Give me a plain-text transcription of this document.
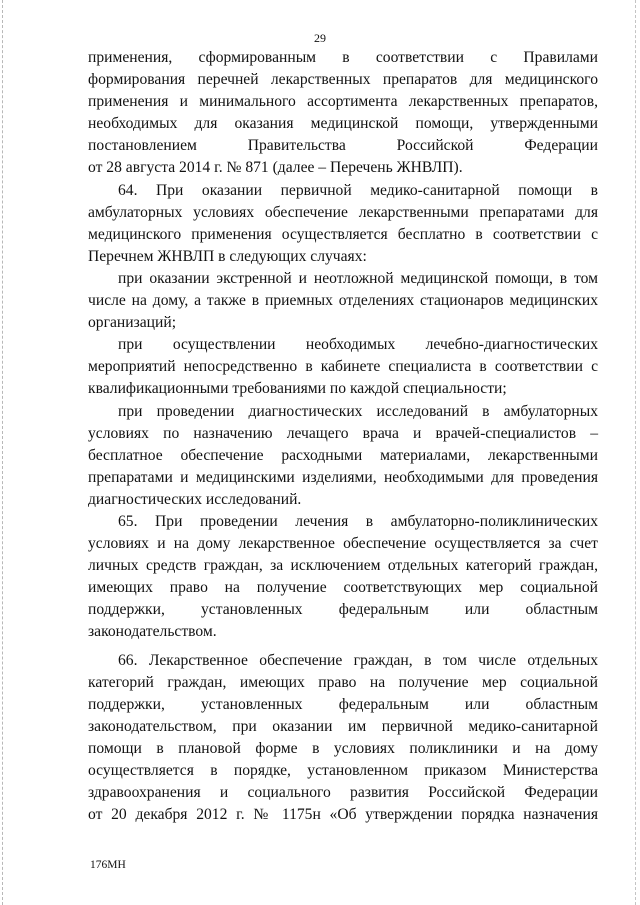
29
применения, сформированным в соответствии с Правилами
формирования перечней лекарственных препаратов для медицинского
применения и минимального ассортимента лекарственных препаратов,
необходимых для оказания медицинской помощи, утвержденными
постановлением Правительства Российской Федерации
от 28 августа 2014 г. № 871 (далее – Перечень ЖНВЛП).
64. При оказании первичной медико-санитарной помощи в
амбулаторных условиях обеспечение лекарственными препаратами для
медицинского применения осуществляется бесплатно в соответствии с
Перечнем ЖНВЛП в следующих случаях:
при оказании экстренной и неотложной медицинской помощи, в том
числе на дому, а также в приемных отделениях стационаров медицинских
организаций;
при осуществлении необходимых лечебно-диагностических
мероприятий непосредственно в кабинете специалиста в соответствии с
квалификационными требованиями по каждой специальности;
при проведении диагностических исследований в амбулаторных
условиях по назначению лечащего врача и врачей-специалистов –
бесплатное обеспечение расходными материалами, лекарственными
препаратами и медицинскими изделиями, необходимыми для проведения
диагностических исследований.
65. При проведении лечения в амбулаторно-поликлинических
условиях и на дому лекарственное обеспечение осуществляется за счет
личных средств граждан, за исключением отдельных категорий граждан,
имеющих право на получение соответствующих мер социальной
поддержки, установленных федеральным или областным
законодательством.
66. Лекарственное обеспечение граждан, в том числе отдельных
категорий граждан, имеющих право на получение мер социальной
поддержки, установленных федеральным или областным
законодательством, при оказании им первичной медико-санитарной
помощи в плановой форме в условиях поликлиники и на дому
осуществляется в порядке, установленном приказом Министерства
здравоохранения и социального развития Российской Федерации
от 20 декабря 2012 г. № 1175н «Об утверждении порядка назначения
176МН
